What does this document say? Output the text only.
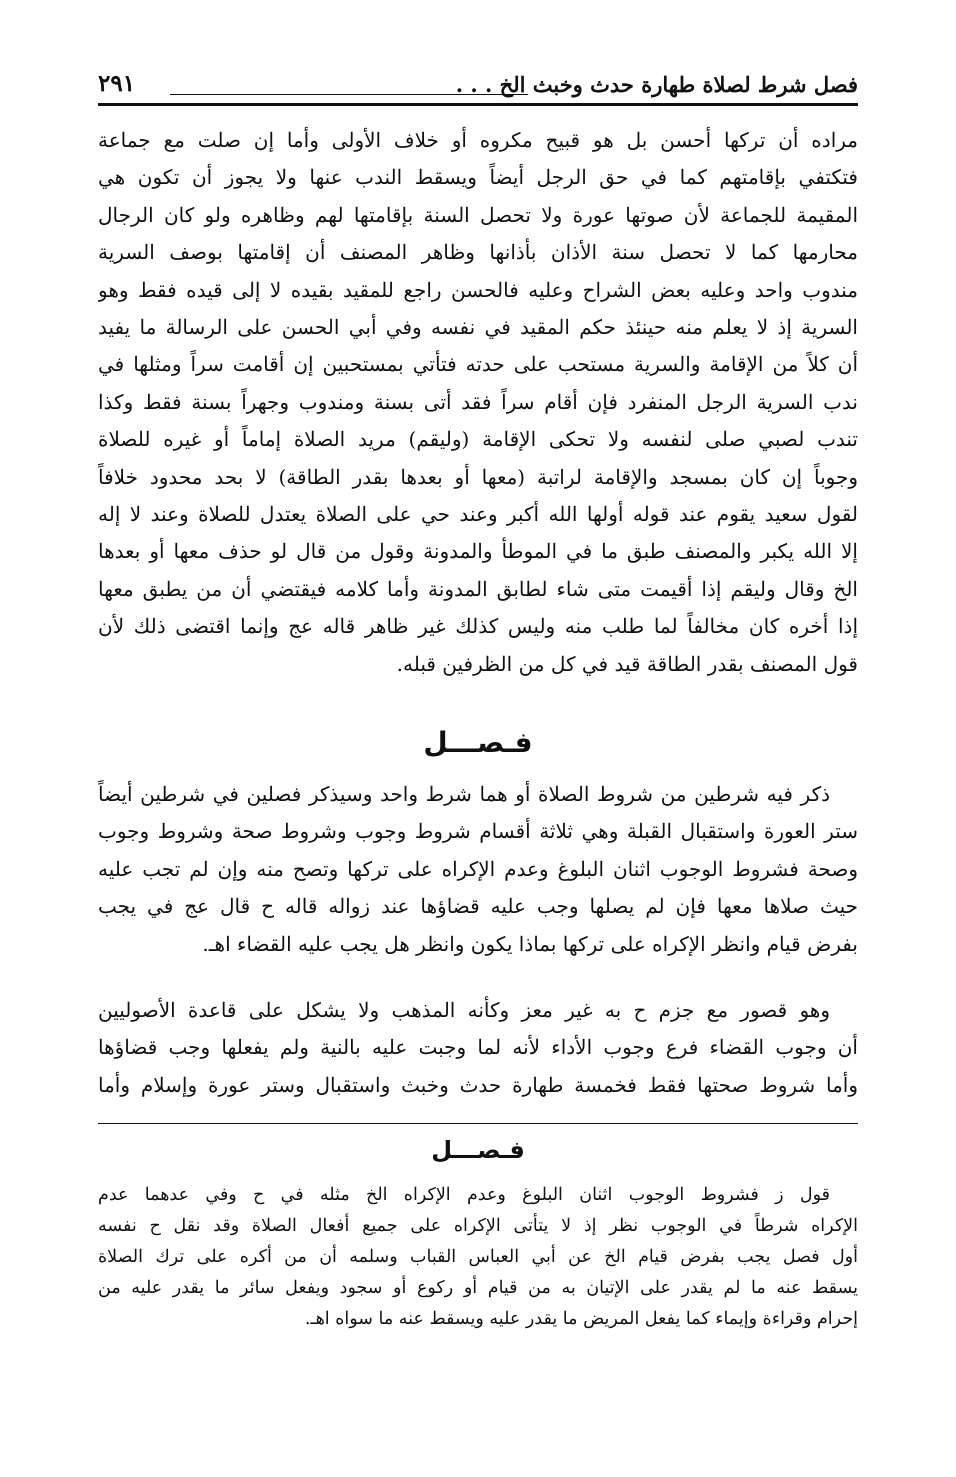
فصل شرط لصلاة طهارة حدث وخبث الخ . . .
٢٩١
مراده أن تركها أحسن بل هو قبيح مكروه أو خلاف الأولى وأما إن صلت مع جماعة
فتكتفي بإقامتهم كما في حق الرجل أيضاً ويسقط الندب عنها ولا يجوز أن تكون هي
المقيمة للجماعة لأن صوتها عورة ولا تحصل السنة بإقامتها لهم وظاهره ولو كان الرجال
محارمها كما لا تحصل سنة الأذان بأذانها وظاهر المصنف أن إقامتها بوصف السرية
مندوب واحد وعليه بعض الشراح وعليه فالحسن راجع للمقيد بقيده لا إلى قيده فقط وهو
السرية إذ لا يعلم منه حينئذ حكم المقيد في نفسه وفي أبي الحسن على الرسالة ما يفيد
أن كلاً من الإقامة والسرية مستحب على حدته فتأتي بمستحبين إن أقامت سراً ومثلها في
ندب السرية الرجل المنفرد فإن أقام سراً فقد أتى بسنة ومندوب وجهراً بسنة فقط وكذا
تندب لصبي صلى لنفسه ولا تحكى الإقامة (وليقم) مريد الصلاة إماماً أو غيره للصلاة
وجوباً إن كان بمسجد والإقامة لراتبة (معها أو بعدها بقدر الطاقة) لا بحد محدود خلافاً
لقول سعيد يقوم عند قوله أولها الله أكبر وعند حي على الصلاة يعتدل للصلاة وعند لا إله
إلا الله يكبر والمصنف طبق ما في الموطأ والمدونة وقول من قال لو حذف معها أو بعدها
الخ وقال وليقم إذا أقيمت متى شاء لطابق المدونة وأما كلامه فيقتضي أن من يطبق معها
إذا أخره كان مخالفاً لما طلب منه وليس كذلك غير ظاهر قاله عج وإنما اقتضى ذلك لأن
قول المصنف بقدر الطاقة قيد في كل من الظرفين قبله.
فـصـــل
ذكر فيه شرطين من شروط الصلاة أو هما شرط واحد وسيذكر فصلين في شرطين أيضاً
ستر العورة واستقبال القبلة وهي ثلاثة أقسام شروط وجوب وشروط صحة وشروط وجوب
وصحة فشروط الوجوب اثنان البلوغ وعدم الإكراه على تركها وتصح منه وإن لم تجب عليه
حيث صلاها معها فإن لم يصلها وجب عليه قضاؤها عند زواله قاله ح قال عج في يجب
بفرض قيام وانظر الإكراه على تركها بماذا يكون وانظر هل يجب عليه القضاء اهـ.
وهو قصور مع جزم ح به غير معز وكأنه المذهب ولا يشكل على قاعدة الأصوليين
أن وجوب القضاء فرع وجوب الأداء لأنه لما وجبت عليه بالنية ولم يفعلها وجب قضاؤها
وأما شروط صحتها فقط فخمسة طهارة حدث وخبث واستقبال وستر عورة وإسلام وأما
فـصـــل
قول ز فشروط الوجوب اثنان البلوغ وعدم الإكراه الخ مثله في ح وفي عدهما عدم
الإكراه شرطاً في الوجوب نظر إذ لا يتأتى الإكراه على جميع أفعال الصلاة وقد نقل ح نفسه
أول فصل يجب بفرض قيام الخ عن أبي العباس القباب وسلمه أن من أكره على ترك الصلاة
يسقط عنه ما لم يقدر على الإتيان به من قيام أو ركوع أو سجود ويفعل سائر ما يقدر عليه من
إحرام وقراءة وإيماء كما يفعل المريض ما يقدر عليه ويسقط عنه ما سواه اهـ.
